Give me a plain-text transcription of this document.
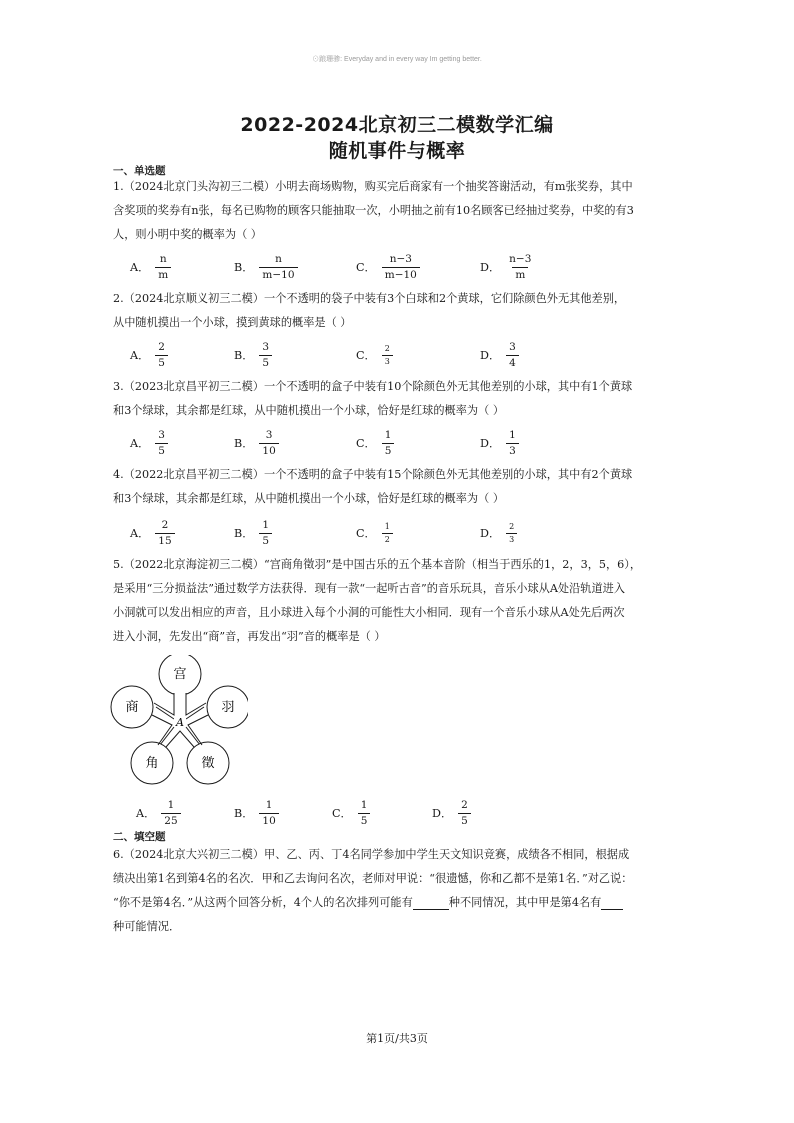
⊙踉珊骖: Everyday and in every way Im getting better.
2022-2024北京初三二模数学汇编
随机事件与概率
一、单选题
1.（2024北京门头沟初三二模）小明去商场购物，购买完后商家有一个抽奖答谢活动，有m张奖券，其中
含奖项的奖券有n张，每名已购物的顾客只能抽取一次，小明抽之前有10名顾客已经抽过奖券，中奖的有3
人，则小明中奖的概率为（ ）
A． $\frac{n}{m}$	B． $\frac{n}{m-10}$	C． $\frac{n-3}{m-10}$	D． $\frac{n-3}{m}$
2.（2024北京顺义初三二模）一个不透明的袋子中装有3个白球和2个黄球，它们除颜色外无其他差别，
从中随机摸出一个小球，摸到黄球的概率是（ ）
A． $\frac{2}{5}$	B． $\frac{3}{5}$	C． $\frac{2}{3}$	D． $\frac{3}{4}$
3.（2023北京昌平初三二模）一个不透明的盒子中装有10个除颜色外无其他差别的小球，其中有1个黄球
和3个绿球，其余都是红球，从中随机摸出一个小球，恰好是红球的概率为（ ）
A． $\frac{3}{5}$	B． $\frac{3}{10}$	C． $\frac{1}{5}$	D． $\frac{1}{3}$
4.（2022北京昌平初三二模）一个不透明的盒子中装有15个除颜色外无其他差别的小球，其中有2个黄球
和3个绿球，其余都是红球，从中随机摸出一个小球，恰好是红球的概率为（ ）
A． $\frac{2}{15}$	B． $\frac{1}{5}$	C． $\frac{1}{2}$	D． $\frac{2}{3}$
5.（2022北京海淀初三二模）“宫商角徵羽”是中国古乐的五个基本音阶（相当于西乐的1，2，3，5，6），
是采用“三分损益法”通过数学方法获得．现有一款“一起听古音”的音乐玩具，音乐小球从A处沿轨道进入
小洞就可以发出相应的声音，且小球进入每个小洞的可能性大小相同．现有一个音乐小球从A处先后两次
进入小洞，先发出“商”音，再发出“羽”音的概率是（ ）
宫
商	羽
角	徵
A
A． $\frac{1}{25}$	B． $\frac{1}{10}$	C． $\frac{1}{5}$	D． $\frac{2}{5}$
二、填空题
6.（2024北京大兴初三二模）甲、乙、丙、丁4名同学参加中学生天文知识竞赛，成绩各不相同，根据成
绩决出第1名到第4名的名次．甲和乙去询问名次，老师对甲说：“很遗憾，你和乙都不是第1名．”对乙说：
“你不是第4名．”从这两个回答分析，4个人的名次排列可能有	种不同情况，其中甲是第4名有
种可能情况．
第1页/共3页
